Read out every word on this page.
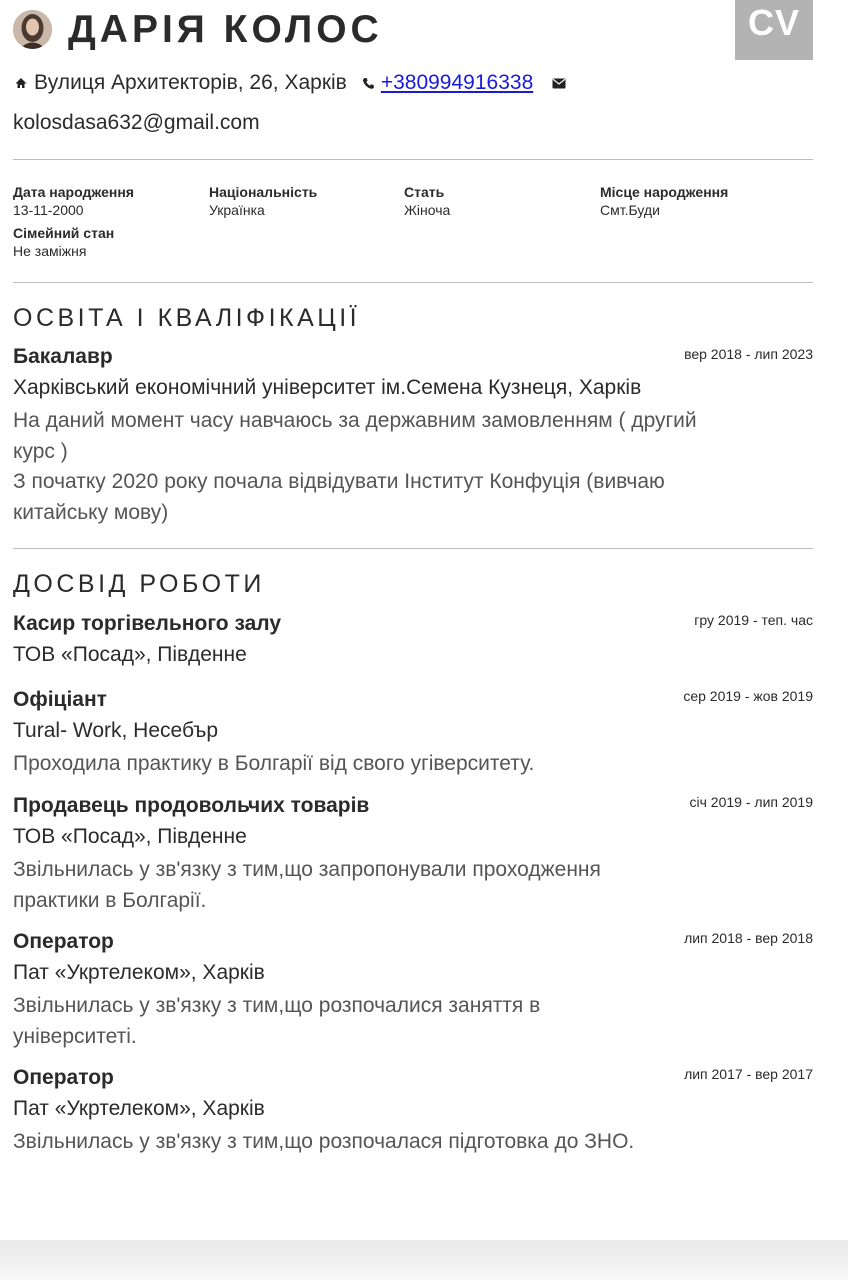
ДАРІЯ КОЛОС	CV
Вулиця Архитекторів, 26, Харків +380994916338
kolosdasa632@gmail.com
Дата народження
13-11-2000
Національність
Українка
Стать
Жіноча
Місце народження
Смт.Буди
Сімейний стан
Не заміжня
ОСВІТА І КВАЛІФІКАЦІЇ
Бакалавр	вер 2018 - лип 2023
Харківський економічний університет ім.Семена Кузнеця, Харків

На даний момент часу навчаюсь за державним замовленням ( другий курс )

З початку 2020 року почала відвідувати Інститут Конфуція (вивчаю китайську мову)

ДОСВІД РОБОТИ
Касир торгівельного залу	гру 2019 - теп. час
ТОВ «Посад», Південне
Офіціант	сер 2019 - жов 2019
Tural- Work, Несебър
Проходила практику в Болгарії від свого угіверситету.
Продавець продовольчих товарів	січ 2019 - лип 2019
ТОВ «Посад», Південне
Звільнилась у зв'язку з тим,що запропонували проходження практики в Болгарії.
Оператор	лип 2018 - вер 2018
Пат «Укртелеком», Харків
Звільнилась у зв'язку з тим,що розпочалися заняття в університеті.
Оператор	лип 2017 - вер 2017
Пат «Укртелеком», Харків
Звільнилась у зв'язку з тим,що розпочалася підготовка до ЗНО.
